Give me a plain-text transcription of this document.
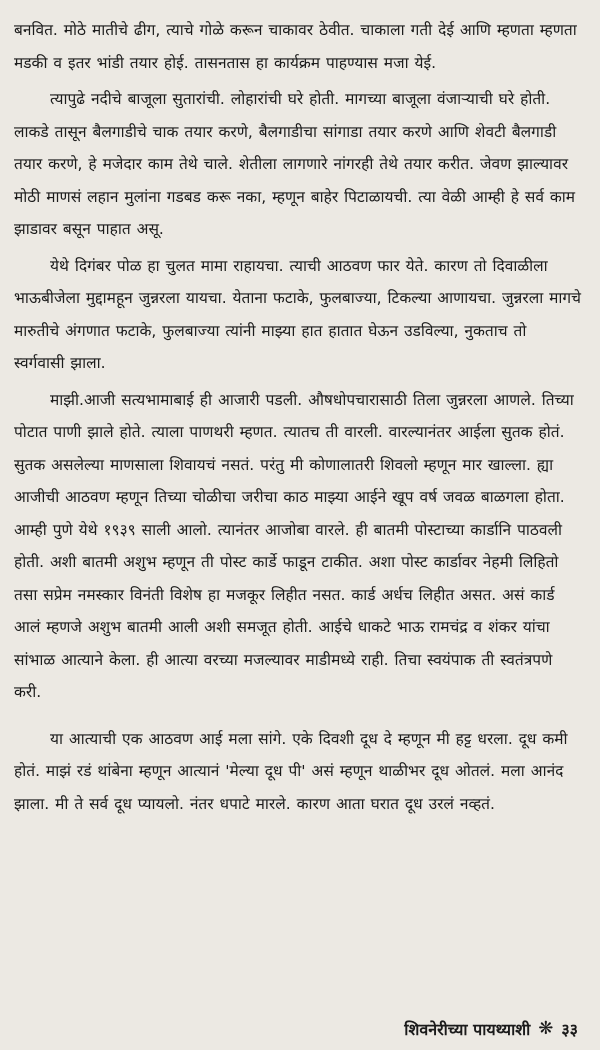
बनवित. मोठे मातीचे ढीग, त्याचे गोळे करून चाकावर ठेवीत. चाकाला गती देई आणि म्हणता म्हणता मडकी व इतर भांडी तयार होई. तासनतास हा कार्यक्रम पाहण्यास मजा येई.

त्यापुढे नदीचे बाजूला सुतारांची. लोहारांची घरे होती. मागच्या बाजूला वंजाऱ्याची घरे होती. लाकडे तासून बैलगाडीचे चाक तयार करणे, बैलगाडीचा सांगाडा तयार करणे आणि शेवटी बैलगाडी तयार करणे, हे मजेदार काम तेथे चाले. शेतीला लागणारे नांगरही तेथे तयार करीत. जेवण झाल्यावर मोठी माणसं लहान मुलांना गडबड करू नका, म्हणून बाहेर पिटाळायची. त्या वेळी आम्ही हे सर्व काम झाडावर बसून पाहात असू.

येथे दिगंबर पोळ हा चुलत मामा राहायचा. त्याची आठवण फार येते. कारण तो दिवाळीला भाऊबीजेला मुद्दामहून जुन्नरला यायचा. येताना फटाके, फुलबाज्या, टिकल्या आणायचा. जुन्नरला मागचे मारुतीचे अंगणात फटाके, फुलबाज्या त्यांनी माझ्या हात हातात घेऊन उडविल्या, नुकताच तो स्वर्गवासी झाला.

माझी.आजी सत्यभामाबाई ही आजारी पडली. औषधोपचारासाठी तिला जुन्नरला आणले. तिच्या पोटात पाणी झाले होते. त्याला पाणथरी म्हणत. त्यातच ती वारली. वारल्यानंतर आईला सुतक होतं. सुतक असलेल्या माणसाला शिवायचं नसतं. परंतु मी कोणालातरी शिवलो म्हणून मार खाल्ला. ह्या आजीची आठवण म्हणून तिच्या चोळीचा जरीचा काठ माझ्या आईने खूप वर्ष जवळ बाळगला होता. आम्ही पुणे येथे १९३९ साली आलो. त्यानंतर आजोबा वारले. ही बातमी पोस्टाच्या कार्डानि पाठवली होती. अशी बातमी अशुभ म्हणून ती पोस्ट कार्डे फाडून टाकीत. अशा पोस्ट कार्डावर नेहमी लिहितो तसा सप्रेम नमस्कार विनंती विशेष हा मजकूर लिहीत नसत. कार्ड अर्धच लिहीत असत. असं कार्ड आलं म्हणजे अशुभ बातमी आली अशी समजूत होती. आईचे धाकटे भाऊ रामचंद्र व शंकर यांचा सांभाळ आत्याने केला. ही आत्या वरच्या मजल्यावर माडीमध्ये राही. तिचा स्वयंपाक ती स्वतंत्रपणे करी.

या आत्याची एक आठवण आई मला सांगे. एके दिवशी दूध दे म्हणून मी हट्ट धरला. दूध कमी होतं. माझं रडं थांबेना म्हणून आत्यानं 'मेल्या दूध पी' असं म्हणून थाळीभर दूध ओतलं. मला आनंद झाला. मी ते सर्व दूध प्यायलो. नंतर धपाटे मारले. कारण आता घरात दूध उरलं नव्हतं.

शिवनेरीच्या पायथ्याशी ❋ ३३
